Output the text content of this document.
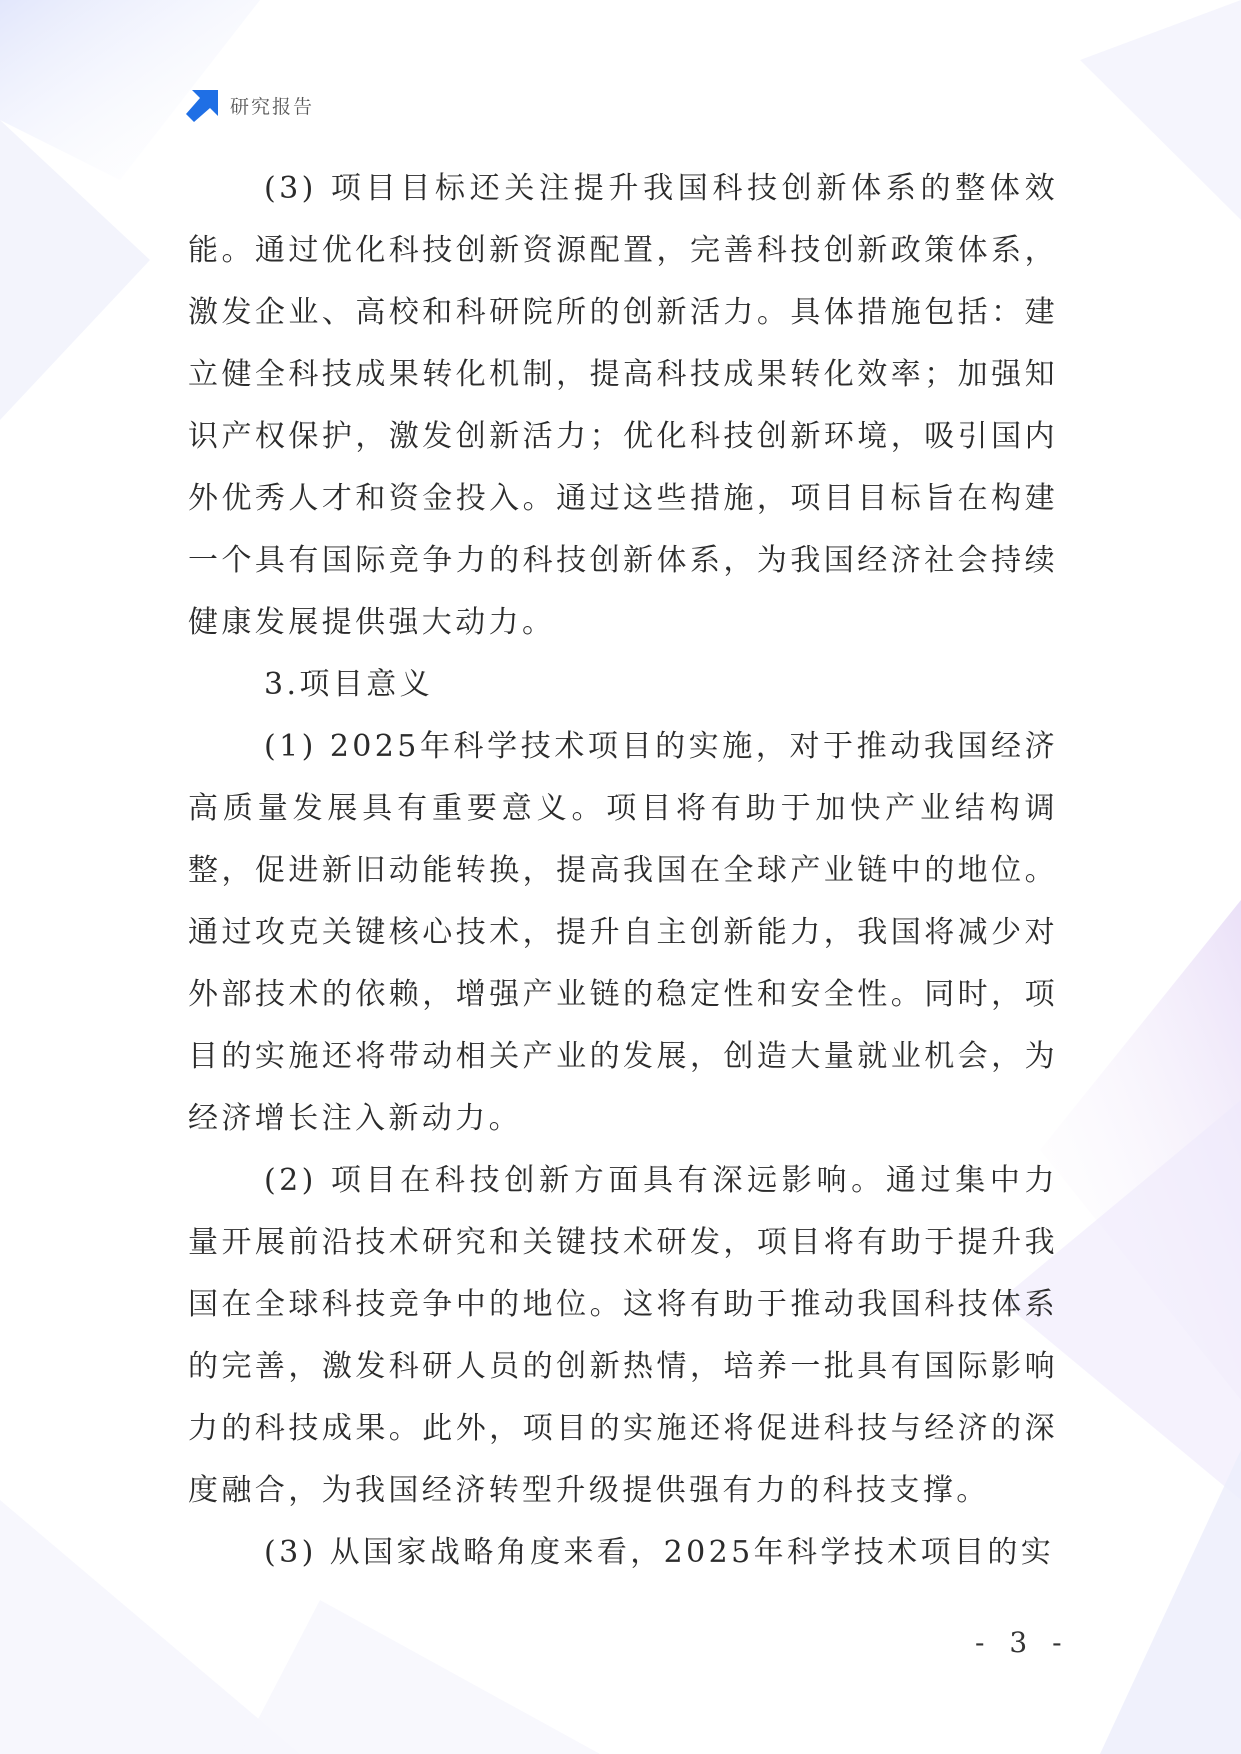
研究报告

(3) 项目目标还关注提升我国科技创新体系的整体效能。通过优化科技创新资源配置，完善科技创新政策体系，激发企业、高校和科研院所的创新活力。具体措施包括：建立健全科技成果转化机制，提高科技成果转化效率；加强知识产权保护，激发创新活力；优化科技创新环境，吸引国内外优秀人才和资金投入。通过这些措施，项目目标旨在构建一个具有国际竞争力的科技创新体系，为我国经济社会持续健康发展提供强大动力。

3.项目意义

(1) 2025年科学技术项目的实施，对于推动我国经济高质量发展具有重要意义。项目将有助于加快产业结构调整，促进新旧动能转换，提高我国在全球产业链中的地位。通过攻克关键核心技术，提升自主创新能力，我国将减少对外部技术的依赖，增强产业链的稳定性和安全性。同时，项目的实施还将带动相关产业的发展，创造大量就业机会，为经济增长注入新动力。

(2) 项目在科技创新方面具有深远影响。通过集中力量开展前沿技术研究和关键技术研发，项目将有助于提升我国在全球科技竞争中的地位。这将有助于推动我国科技体系的完善，激发科研人员的创新热情，培养一批具有国际影响力的科技成果。此外，项目的实施还将促进科技与经济的深度融合，为我国经济转型升级提供强有力的科技支撑。

(3) 从国家战略角度来看，2025年科学技术项目的实

- 3 -
